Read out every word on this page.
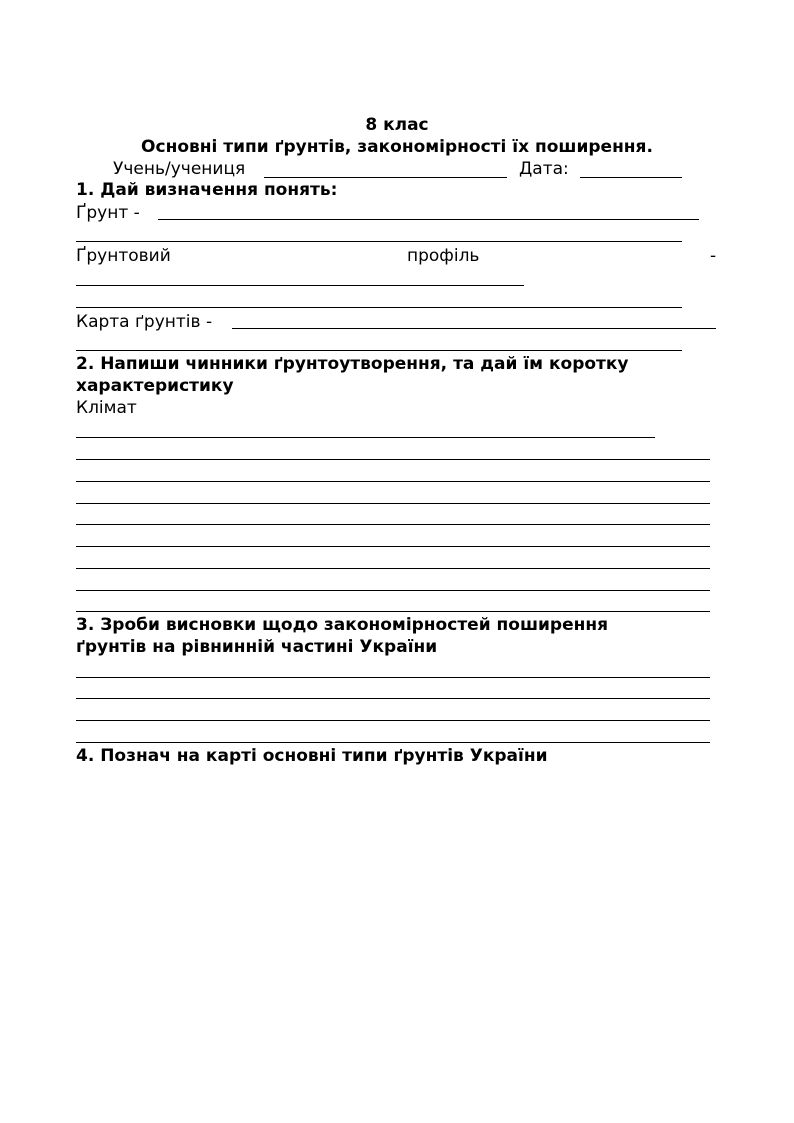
8 клас
Основні типи ґрунтів, закономірності їх поширення.
Учень/учениця	Дата:
1. Дай визначення понять:
Ґрунт -
Ґрунтовий	профіль	-
Карта ґрунтів -
2. Напиши чинники ґрунтоутворення, та дай їм коротку
характеристику
Клімат
3. Зроби висновки щодо закономірностей поширення
ґрунтів на рівнинній частині України
4. Познач на карті основні типи ґрунтів України
